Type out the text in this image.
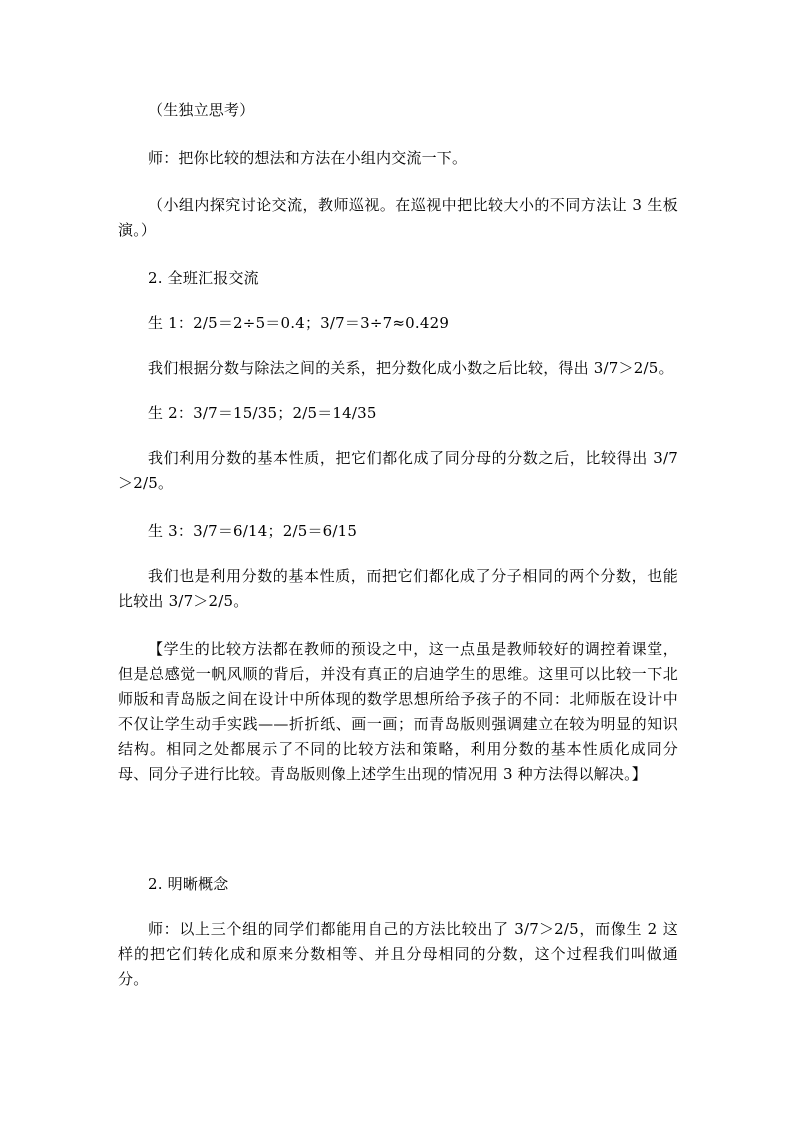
（生独立思考）

师：把你比较的想法和方法在小组内交流一下。

（小组内探究讨论交流，教师巡视。在巡视中把比较大小的不同方法让 3 生板演。）

2. 全班汇报交流

生 1：2/5＝2÷5＝0.4；3/7＝3÷7≈0.429

我们根据分数与除法之间的关系，把分数化成小数之后比较，得出 3/7＞2/5。

生 2：3/7＝15/35；2/5＝14/35

我们利用分数的基本性质，把它们都化成了同分母的分数之后，比较得出 3/7＞2/5。

生 3：3/7＝6/14；2/5＝6/15

我们也是利用分数的基本性质，而把它们都化成了分子相同的两个分数，也能比较出 3/7＞2/5。

【学生的比较方法都在教师的预设之中，这一点虽是教师较好的调控着课堂，但是总感觉一帆风顺的背后，并没有真正的启迪学生的思维。这里可以比较一下北师版和青岛版之间在设计中所体现的数学思想所给予孩子的不同：北师版在设计中不仅让学生动手实践——折折纸、画一画；而青岛版则强调建立在较为明显的知识结构。相同之处都展示了不同的比较方法和策略，利用分数的基本性质化成同分母、同分子进行比较。青岛版则像上述学生出现的情况用 3 种方法得以解决。】

2. 明晰概念

师：以上三个组的同学们都能用自己的方法比较出了 3/7＞2/5，而像生 2 这样的把它们转化成和原来分数相等、并且分母相同的分数，这个过程我们叫做通分。
